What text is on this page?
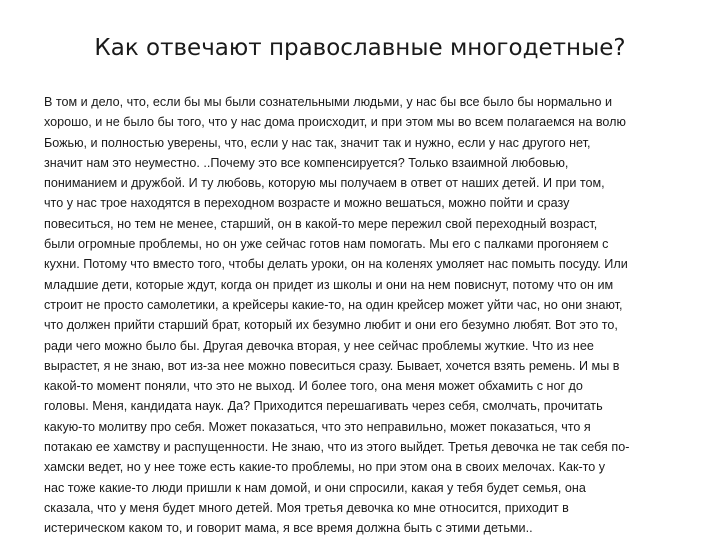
Как отвечают православные многодетные?
В том и дело, что, если бы мы были сознательными людьми, у нас бы все было бы нормально и
хорошо, и не было бы того, что у нас дома происходит, и при этом мы во всем полагаемся на волю
Божью, и полностью уверены, что, если у нас так, значит так и нужно, если у нас другого нет,
значит нам это неуместно. ..Почему это все компенсируется? Только взаимной любовью,
пониманием и дружбой. И ту любовь, которую мы получаем в ответ от наших детей. И при том,
что у нас трое находятся в переходном возрасте и можно вешаться, можно пойти и сразу
повеситься, но тем не менее, старший, он в какой-то мере пережил свой переходный возраст,
были огромные проблемы, но он уже сейчас готов нам помогать. Мы его с палками прогоняем с
кухни. Потому что вместо того, чтобы делать уроки, он на коленях умоляет нас помыть посуду. Или
младшие дети, которые ждут, когда он придет из школы и они на нем повиснут, потому что он им
строит не просто самолетики, а крейсеры какие-то, на один крейсер может уйти час, но они знают,
что должен прийти старший брат, который их безумно любит и они его безумно любят. Вот это то,
ради чего можно было бы. Другая девочка вторая, у нее сейчас проблемы жуткие. Что из нее
вырастет, я не знаю, вот из-за нее можно повеситься сразу. Бывает, хочется взять ремень. И мы в
какой-то момент поняли, что это не выход. И более того, она меня может обхамить с ног до
головы. Меня, кандидата наук. Да? Приходится перешагивать через себя, смолчать, прочитать
какую-то молитву про себя. Может показаться, что это неправильно, может показаться, что я
потакаю ее хамству и распущенности. Не знаю, что из этого выйдет. Третья девочка не так себя по-
хамски ведет, но у нее тоже есть какие-то проблемы, но при этом она в своих мелочах. Как-то у
нас тоже какие-то люди пришли к нам домой, и они спросили, какая у тебя будет семья, она
сказала, что у меня будет много детей. Моя третья девочка ко мне относится, приходит в
истерическом каком то, и говорит мама, я все время должна быть с этими детьми..
